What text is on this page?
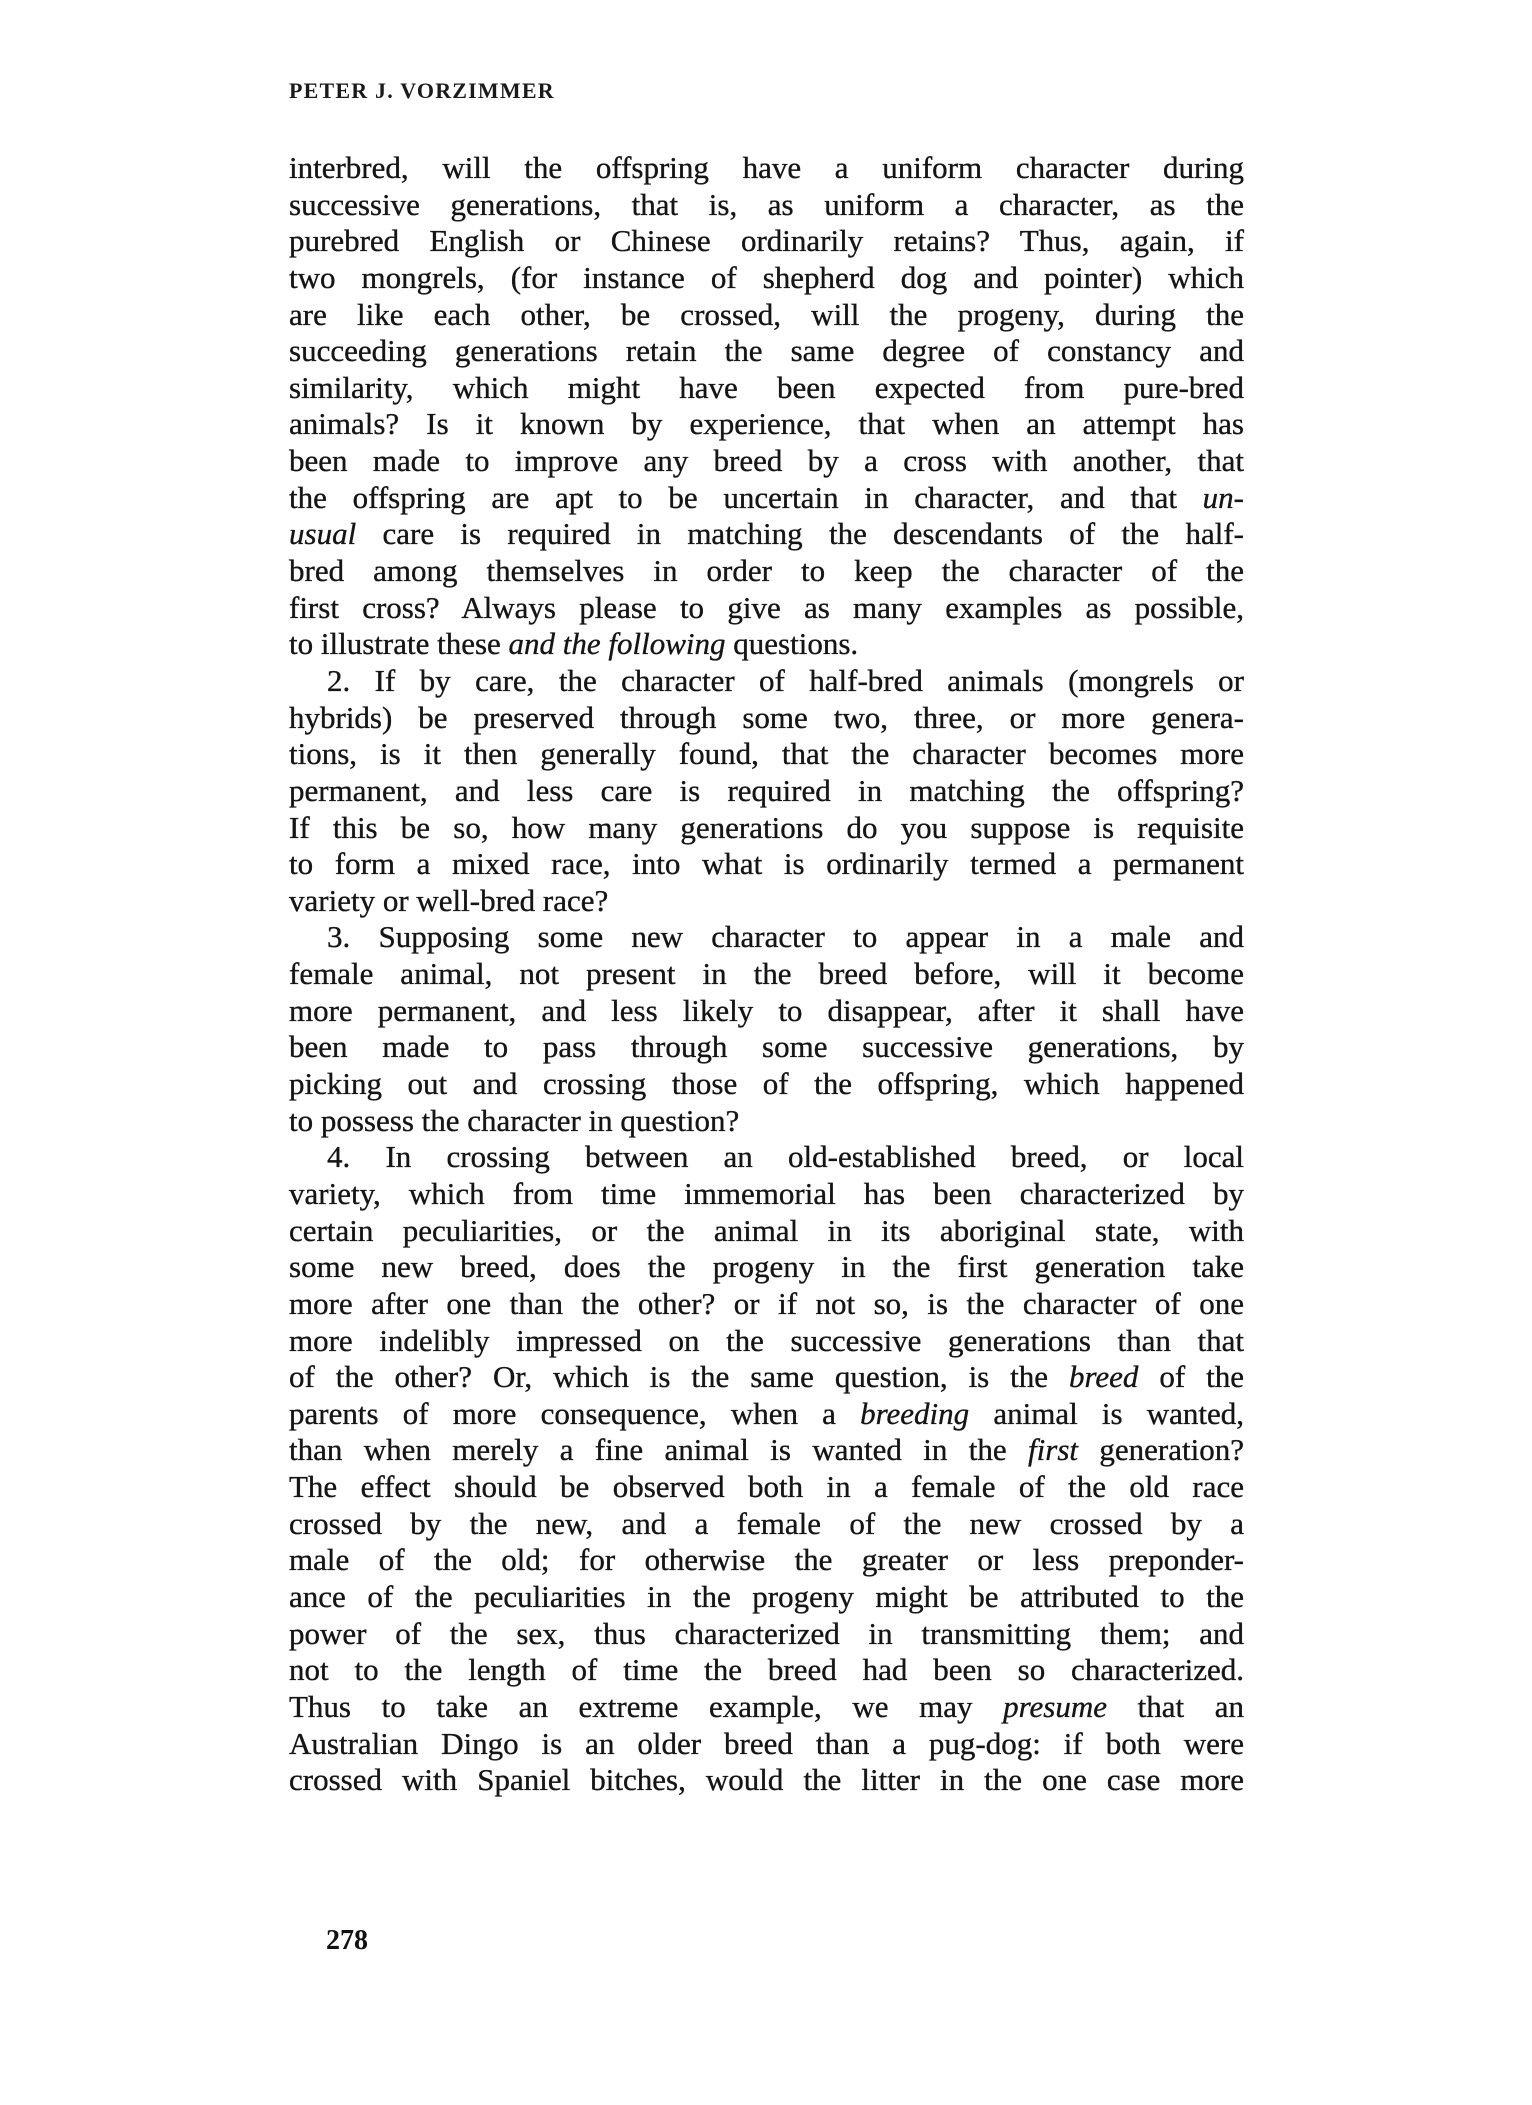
PETER J. VORZIMMER
interbred, will the offspring have a uniform character during
successive generations, that is, as uniform a character, as the
purebred English or Chinese ordinarily retains? Thus, again, if
two mongrels, (for instance of shepherd dog and pointer) which
are like each other, be crossed, will the progeny, during the
succeeding generations retain the same degree of constancy and
similarity, which might have been expected from pure-bred
animals? Is it known by experience, that when an attempt has
been made to improve any breed by a cross with another, that
the offspring are apt to be uncertain in character, and that un-
usual care is required in matching the descendants of the half-
bred among themselves in order to keep the character of the
first cross? Always please to give as many examples as possible,
to illustrate these and the following questions.
2. If by care, the character of half-bred animals (mongrels or
hybrids) be preserved through some two, three, or more genera-
tions, is it then generally found, that the character becomes more
permanent, and less care is required in matching the offspring?
If this be so, how many generations do you suppose is requisite
to form a mixed race, into what is ordinarily termed a permanent
variety or well-bred race?
3. Supposing some new character to appear in a male and
female animal, not present in the breed before, will it become
more permanent, and less likely to disappear, after it shall have
been made to pass through some successive generations, by
picking out and crossing those of the offspring, which happened
to possess the character in question?
4. In crossing between an old-established breed, or local
variety, which from time immemorial has been characterized by
certain peculiarities, or the animal in its aboriginal state, with
some new breed, does the progeny in the first generation take
more after one than the other? or if not so, is the character of one
more indelibly impressed on the successive generations than that
of the other? Or, which is the same question, is the breed of the
parents of more consequence, when a breeding animal is wanted,
than when merely a fine animal is wanted in the first generation?
The effect should be observed both in a female of the old race
crossed by the new, and a female of the new crossed by a
male of the old; for otherwise the greater or less preponder-
ance of the peculiarities in the progeny might be attributed to the
power of the sex, thus characterized in transmitting them; and
not to the length of time the breed had been so characterized.
Thus to take an extreme example, we may presume that an
Australian Dingo is an older breed than a pug-dog: if both were
crossed with Spaniel bitches, would the litter in the one case more
278
